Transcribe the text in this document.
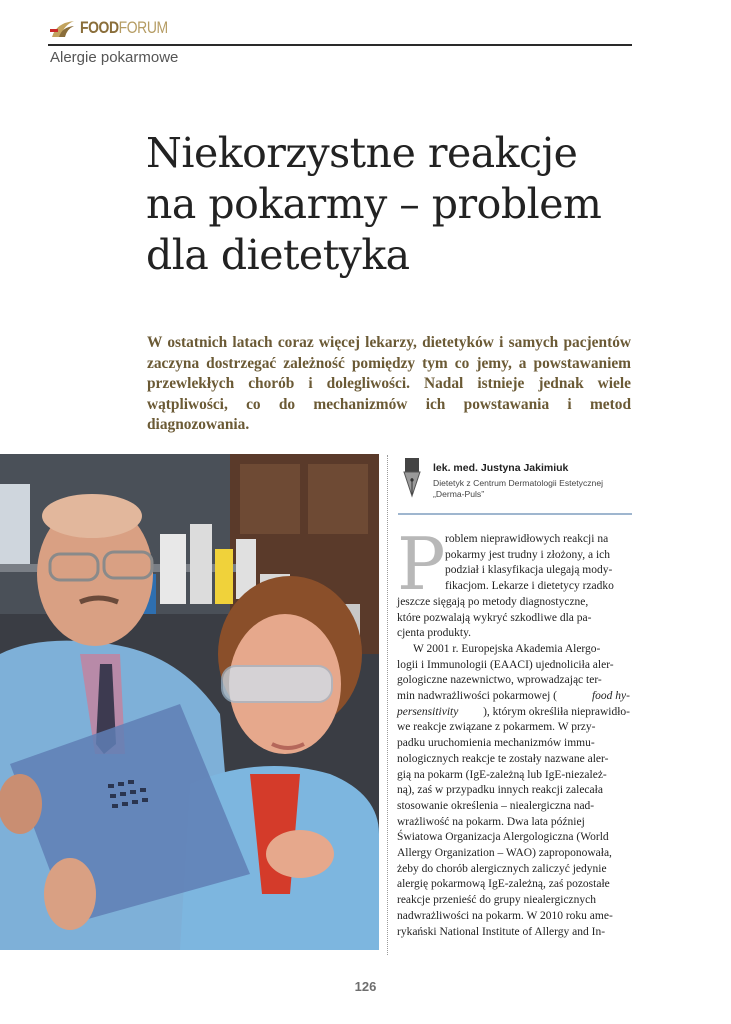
FOODFORUM
Alergie pokarmowe
Niekorzystne reakcje
na pokarmy – problem
dla dietetyka
W ostatnich latach coraz więcej lekarzy, dietetyków i samych pacjentów zaczyna dostrzegać zależność pomiędzy tym co jemy, a powstawaniem przewlekłych chorób i dolegliwości. Nadal istnieje jednak wiele wątpliwości, co do mechanizmów ich powstawania i metod diagnozowania.
lek. med. Justyna Jakimiuk
Dietetyk z Centrum Dermatologii Estetycznej
„Derma-Puls”
P roblem nieprawidłowych reakcji na
pokarmy jest trudny i złożony, a ich
podział i klasyfikacja ulegają mody-
fikacjom. Lekarze i dietetycy rzadko
jeszcze sięgają po metody diagnostyczne,
które pozwalają wykryć szkodliwe dla pa-
cjenta produkty.
W 2001 r. Europejska Akademia Alergo-
logii i Immunologii (EAACI) ujednoliciła aler-
gologiczne nazewnictwo, wprowadzając ter-
min nadwrażliwości pokarmowej (	food hy-
persensitivity ), którym określiła nieprawidło-
we reakcje związane z pokarmem. W przy-
padku uruchomienia mechanizmów immu-
nologicznych reakcje te zostały nazwane aler-
gią na pokarm (IgE-zależną lub IgE-niezależ-
ną), zaś w przypadku innych reakcji zalecała
stosowanie określenia – niealergiczna nad-
wrażliwość na pokarm. Dwa lata później
Światowa Organizacja Alergologiczna (World
Allergy Organization – WAO) zaproponowała,
żeby do chorób alergicznych zaliczyć jedynie
alergię pokarmową IgE-zależną, zaś pozostałe
reakcje przenieść do grupy niealergicznych
nadwrażliwości na pokarm. W 2010 roku ame-
rykański National Institute of Allergy and In-
126
